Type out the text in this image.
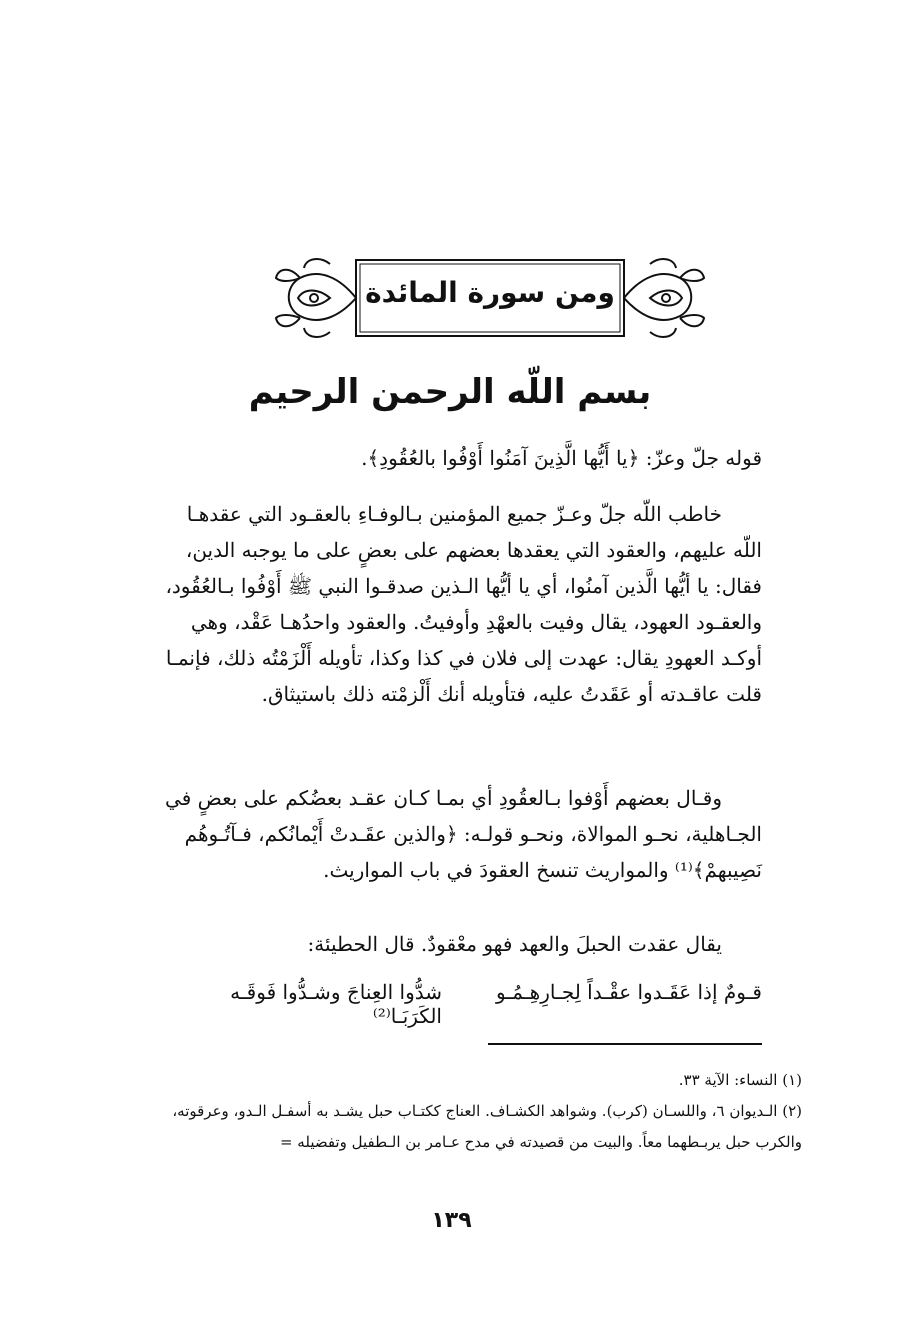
ومن سورة المائدة
بسم اللّه الرحمن الرحيم
قوله جلّ وعزّ: ﴿يا أَيُّها الَّذِينَ آمَنُوا أَوْفُوا بالعُقُودِ﴾.
خاطب اللّه جلّ وعـزّ جميع المؤمنين بـالوفـاءِ بالعقـود التي عقدهـا اللّه عليهم، والعقود التي يعقدها بعضهم على بعضٍ على ما يوجبه الدين، فقال: يا أيُّها الَّذين آمنُوا، أي يا أيُّها الـذين صدقـوا النبي ﷺ أَوْفُوا بـالعُقُود، والعقـود العهود، يقال وفيت بالعهْدِ وأوفيتُ. والعقود واحدُهـا عَقْد، وهي أوكـد العهودِ يقال: عهدت إلى فلان في كذا وكذا، تأويله أَلْزَمْتُه ذلك، فإنمـا قلت عاقـدته أو عَقَدتُ عليه، فتأويله أنك أَلْزمْته ذلك باستيثاق.
وقـال بعضهم أَوْفوا بـالعقُودِ أي بمـا كـان عقـد بعضُكم على بعضٍ في الجـاهلية، نحـو الموالاة، ونحـو قولـه: ﴿والذين عقَـدتْ أَيْمانُكم، فـآتُـوهُم نَصِيبهمْ﴾⁽¹⁾ والمواريث تنسخ العقودَ في باب المواريث.
يقال عقدت الحبلَ والعهد فهو معْقودٌ. قال الحطيئة:
قـومٌ إذا عَقَـدوا عقْـداً لِجـارِهِـمُـو
شدُّوا العِناجَ وشـدُّوا فَوقَـه الكَرَبَـا⁽²⁾
(١) النساء: الآية ٣٣.
(٢) الـديوان ٦، واللسـان (كرب). وشواهد الكشـاف. العناج ككتـاب حبل يشـد به أسفـل الـدو، وعرقوته، والكرب حبل يربـطهما معاً. والبيت من قصيدته في مدح عـامر بن الـطفيل وتفضيله =
١٣٩
